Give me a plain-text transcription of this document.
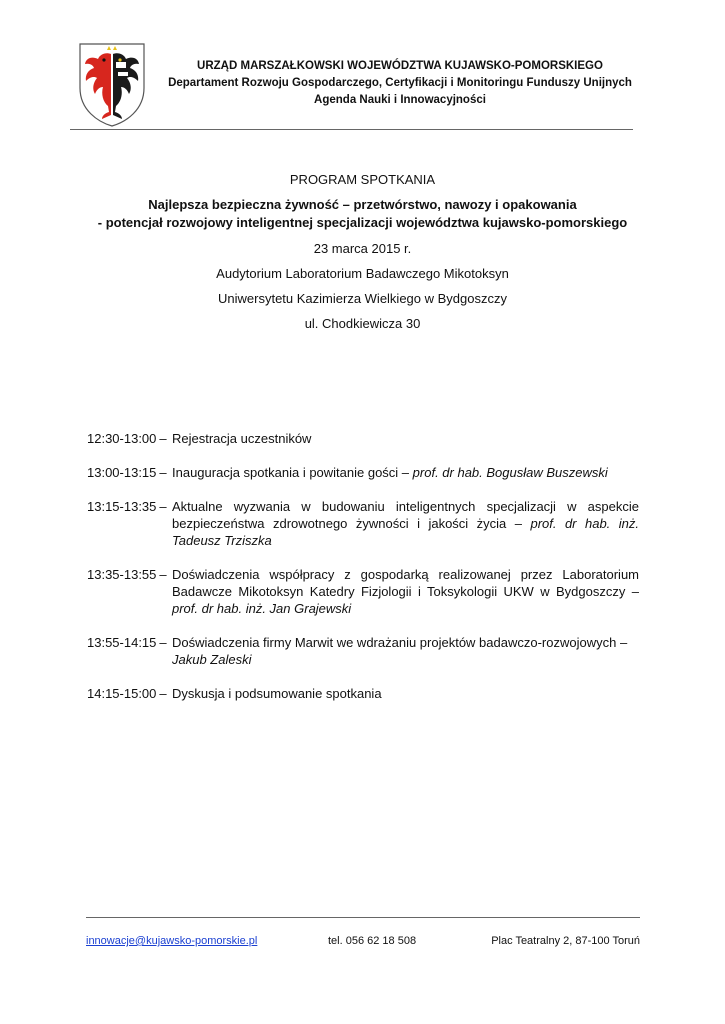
URZĄD MARSZAŁKOWSKI WOJEWÓDZTWA KUJAWSKO-POMORSKIEGO
Departament Rozwoju Gospodarczego, Certyfikacji i Monitoringu Funduszy Unijnych
Agenda Nauki i Innowacyjności
PROGRAM SPOTKANIA
Najlepsza bezpieczna żywność – przetwórstwo, nawozy i opakowania
- potencjał rozwojowy inteligentnej specjalizacji województwa kujawsko-pomorskiego
23 marca 2015 r.
Audytorium Laboratorium Badawczego Mikotoksyn
Uniwersytetu Kazimierza Wielkiego w Bydgoszczy
ul. Chodkiewicza 30
12:30-13:00 – Rejestracja uczestników
13:00-13:15 – Inauguracja spotkania i powitanie gości – prof. dr hab. Bogusław Buszewski
13:15-13:35 – Aktualne wyzwania w budowaniu inteligentnych specjalizacji w aspekcie bezpieczeństwa zdrowotnego żywności i jakości życia – prof. dr hab. inż. Tadeusz Trziszka
13:35-13:55 – Doświadczenia współpracy z gospodarką realizowanej przez Laboratorium Badawcze Mikotoksyn Katedry Fizjologii i Toksykologii UKW w Bydgoszczy – prof. dr hab. inż. Jan Grajewski
13:55-14:15 – Doświadczenia firmy Marwit we wdrażaniu projektów badawczo-rozwojowych – Jakub Zaleski
14:15-15:00 – Dyskusja i podsumowanie spotkania
innowacje@kujawsko-pomorskie.pl	tel. 056 62 18 508	Plac Teatralny 2, 87-100 Toruń
